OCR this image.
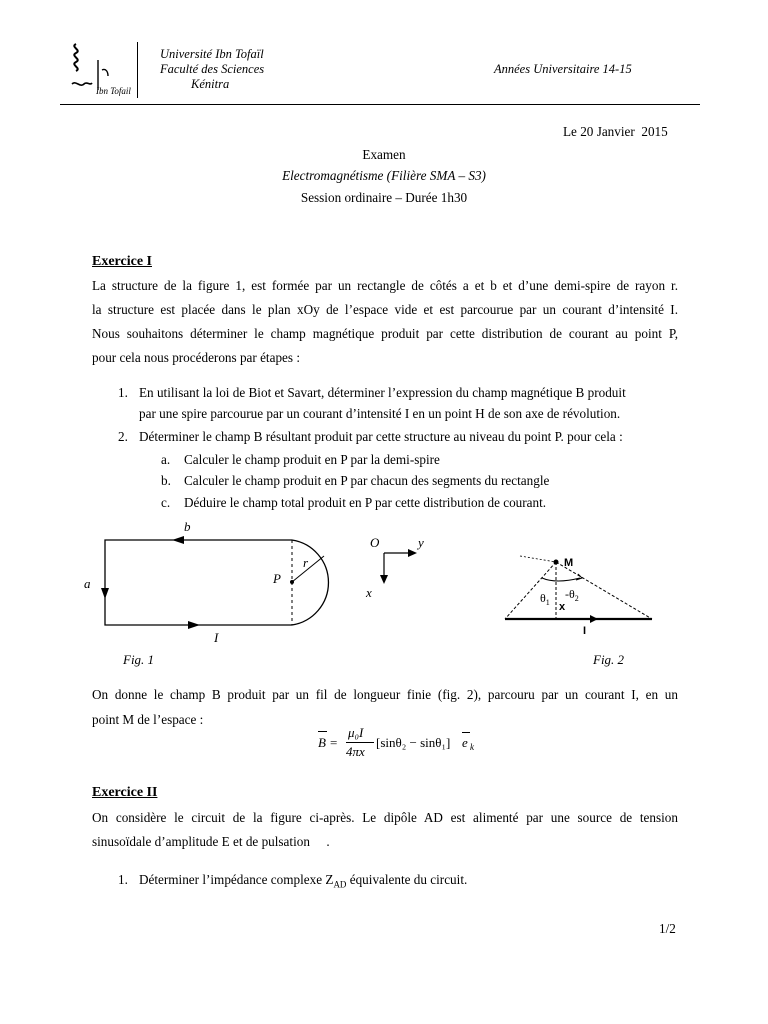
Ibn Tofail
Université Ibn Tofaïl
Faculté des Sciences
Kénitra
Années Universitaire 14-15
Le 20 Janvier  2015
Examen
Electromagnétisme (Filière SMA – S3)
Session ordinaire – Durée 1h30
Exercice I
La structure de la figure 1, est formée par un rectangle de côtés a et b et d’une demi-spire de rayon r.
la structure est placée dans le plan xOy de l’espace vide et est parcourue par un courant d’intensité I.
Nous souhaitons déterminer le champ magnétique produit par cette distribution de courant au point P,
pour cela nous procéderons par étapes :
1. En utilisant la loi de Biot et Savart, déterminer l’expression du champ magnétique B produit
par une spire parcourue par un courant d’intensité I en un point H de son axe de révolution.
2. Déterminer le champ B résultant produit par cette structure au niveau du point P. pour cela :
a. Calculer le champ produit en P par la demi-spire
b. Calculer le champ produit en P par chacun des segments du rectangle
c. Déduire le champ total produit en P par cette distribution de courant.
b
a	P
r
I
Fig. 1
O	y
x
M
$\theta_1$
$-\theta_2$
x
I
Fig. 2
On donne le champ B produit par un fil de longueur finie (fig. 2), parcouru par un courant I, en un
point M de l’espace :
B =
μ₀I
4πx
[sinθ₂ − sinθ₁] e k
Exercice II
On considère le circuit de la figure ci-après. Le dipôle AD est alimenté par une source de tension
sinusoïdale d’amplitude E et de pulsation     .
1. Déterminer l’impédance complexe $Z_{AD}$ équivalente du circuit.
1/2
